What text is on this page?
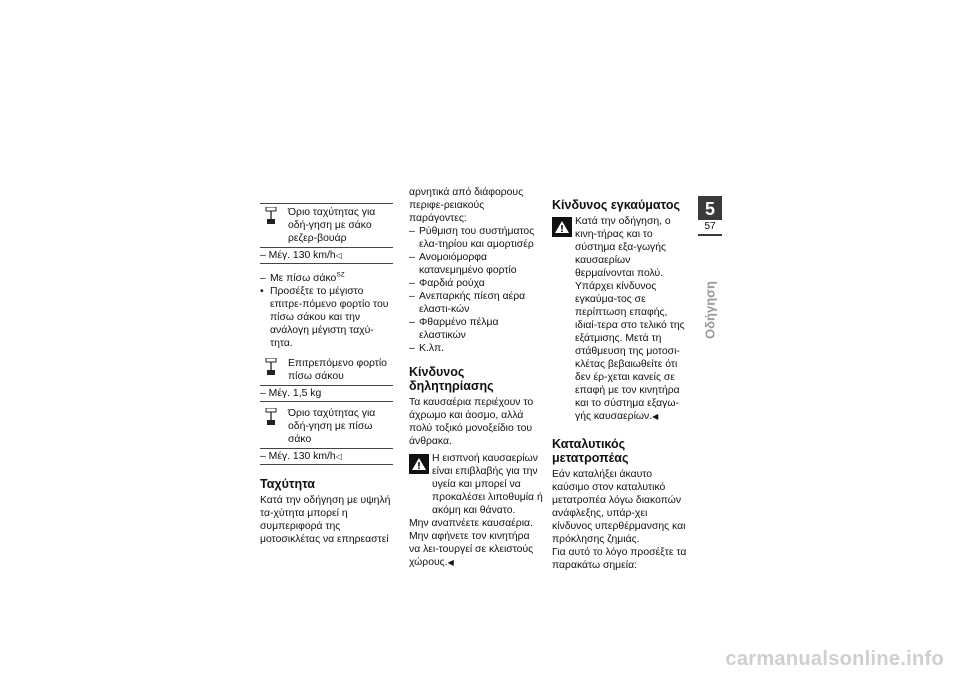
Όριο ταχύτητας για οδή-γηση με σάκο ρεζερ-βουάρ
– Μέγ. 130 km/h◁
– Με πίσω σάκο$^{SZ}$
• Προσέξτε το μέγιστο επιτρε-πόμενο φορτίο του πίσω σάκου και την ανάλογη μέγιστη ταχύ-τητα.
Επιτρεπόμενο φορτίο πίσω σάκου
– Μέγ. 1,5 kg
Όριο ταχύτητας για οδή-γηση με πίσω σάκο
– Μέγ. 130 km/h◁
Ταχύτητα
Κατά την οδήγηση με υψηλή τα-χύτητα μπορεί η συμπεριφορά της μοτοσικλέτας να επηρεαστεί
αρνητικά από διάφορους περιφε-ρειακούς παράγοντες:
– Ρύθμιση του συστήματος ελα-τηρίου και αμορτισέρ
– Ανομοιόμορφα κατανεμημένο φορτίο
– Φαρδιά ρούχα
– Ανεπαρκής πίεση αέρα ελαστι-κών
– Φθαρμένο πέλμα ελαστικών
– Κ.λπ.
Κίνδυνος δηλητηρίασης
Τα καυσαέρια περιέχουν το άχρωμο και άοσμο, αλλά πολύ τοξικό μονοξείδιο του άνθρακα.
Η εισπνοή καυσαερίων είναι επιβλαβής για την υγεία και μπορεί να προκαλέσει λιποθυμία ή ακόμη και θάνατο.
Μην αναπνέετε καυσαέρια. Μην αφήνετε τον κινητήρα να λει-τουργεί σε κλειστούς χώρους.◀
Κίνδυνος εγκαύματος
Κατά την οδήγηση, ο κινη-τήρας και το σύστημα εξα-γωγής καυσαερίων θερμαίνονται πολύ. Υπάρχει κίνδυνος εγκαύμα-τος σε περίπτωση επαφής, ιδιαί-τερα στο τελικό της εξάτμισης. Μετά τη στάθμευση της μοτοσι-κλέτας βεβαιωθείτε ότι δεν έρ-χεται κανείς σε επαφή με τον κινητήρα και το σύστημα εξαγω-γής καυσαερίων.◀
Καταλυτικός μετατροπέας
Εάν καταλήξει άκαυτο καύσιμο στον καταλυτικό μετατροπέα λόγω διακοπών ανάφλεξης, υπάρ-χει κίνδυνος υπερθέρμανσης και πρόκλησης ζημιάς.
Για αυτό το λόγο προσέξτε τα παρακάτω σημεία:
5
57
Οδήγηση
carmanualsonline.info
